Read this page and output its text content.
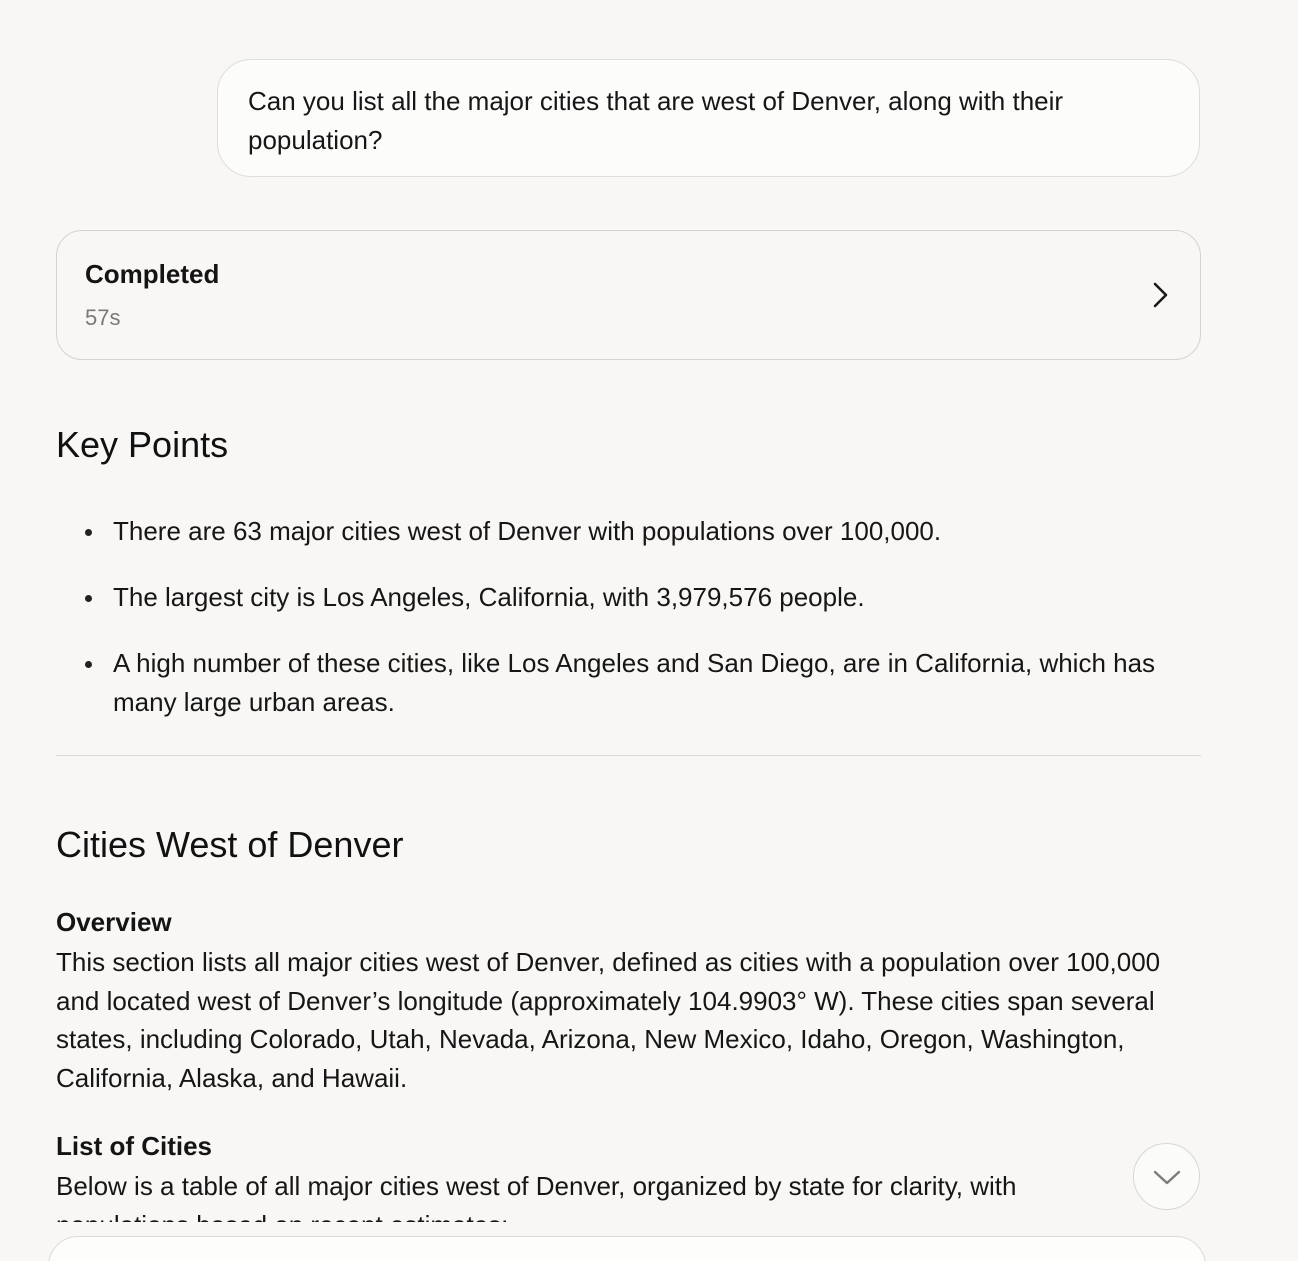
Can you list all the major cities that are west of Denver, along with their population?
Completed
57s
Key Points
There are 63 major cities west of Denver with populations over 100,000.
The largest city is Los Angeles, California, with 3,979,576 people.
A high number of these cities, like Los Angeles and San Diego, are in California, which has many large urban areas.
Cities West of Denver
Overview

This section lists all major cities west of Denver, defined as cities with a population over 100,000 and located west of Denver’s longitude (approximately 104.9903° W). These cities span several states, including Colorado, Utah, Nevada, Arizona, New Mexico, Idaho, Oregon, Washington, California, Alaska, and Hawaii.

List of Cities

Below is a table of all major cities west of Denver, organized by state for clarity, with
